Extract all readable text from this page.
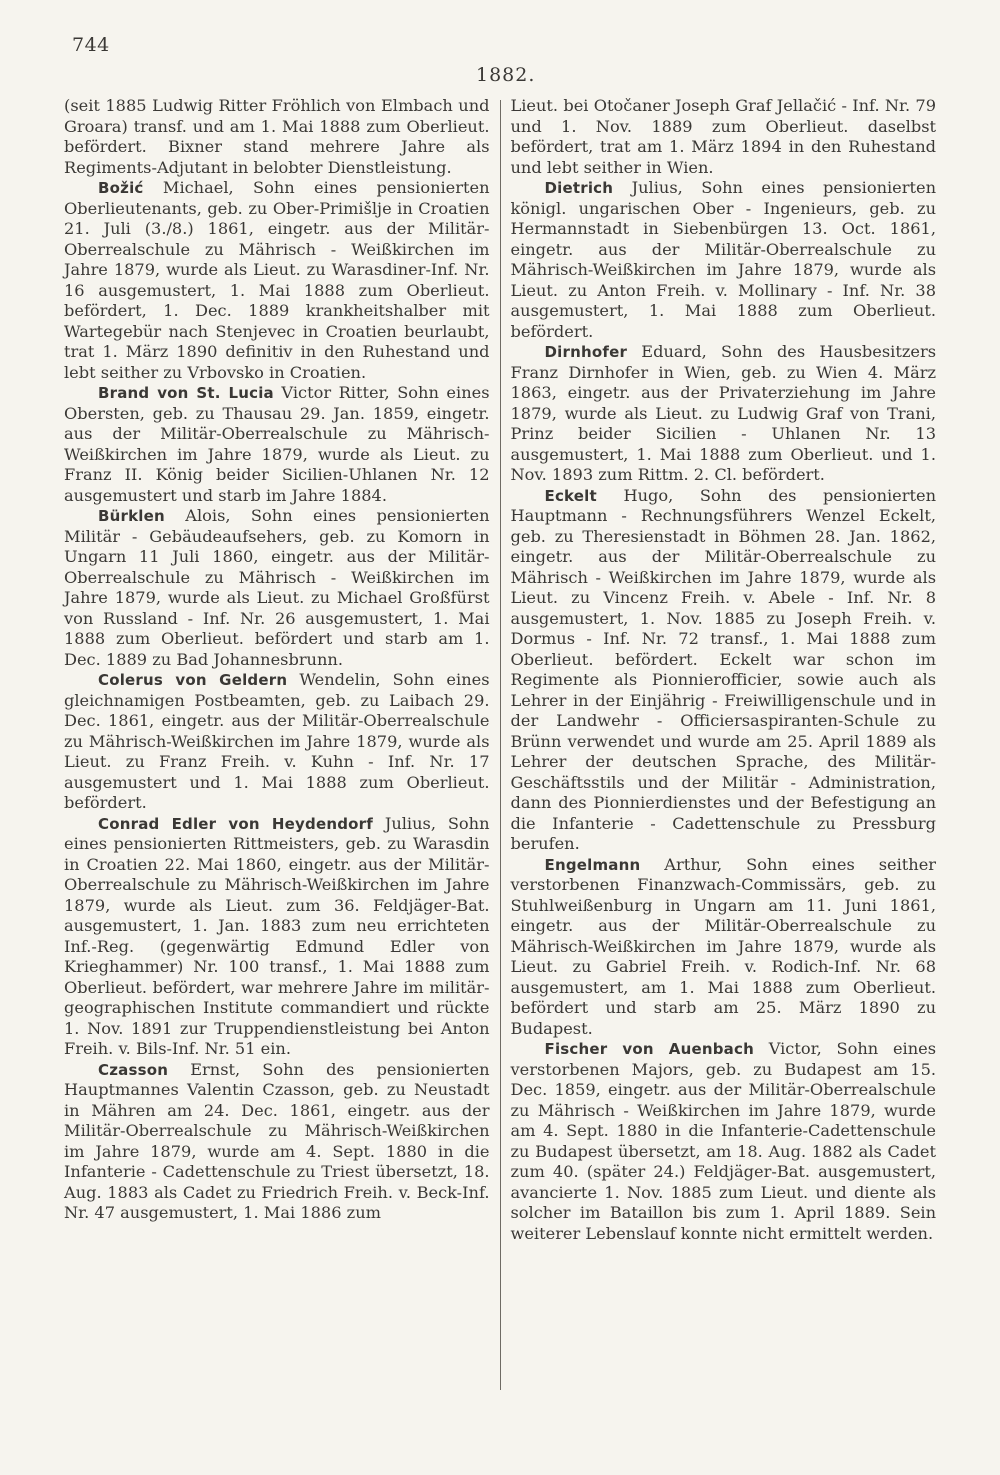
744
1882.

(seit 1885 Ludwig Ritter Fröhlich von Elmbach und Groara) transf. und am 1. Mai 1888 zum Oberlieut. befördert. Bixner stand mehrere Jahre als Regiments-Adjutant in belobter Dienstleistung.

Božić Michael, Sohn eines pensionierten Oberlieutenants, geb. zu Ober-Primišlje in Croatien 21. Juli (3./8.) 1861, eingetr. aus der Militär-Oberrealschule zu Mährisch - Weißkirchen im Jahre 1879, wurde als Lieut. zu Warasdiner-Inf. Nr. 16 ausgemustert, 1. Mai 1888 zum Oberlieut. befördert, 1. Dec. 1889 krankheitshalber mit Wartegebür nach Stenjevec in Croatien beurlaubt, trat 1. März 1890 definitiv in den Ruhestand und lebt seither zu Vrbovsko in Croatien.

Brand von St. Lucia Victor Ritter, Sohn eines Obersten, geb. zu Thausau 29. Jan. 1859, eingetr. aus der Militär-Oberrealschule zu Mährisch-Weißkirchen im Jahre 1879, wurde als Lieut. zu Franz II. König beider Sicilien-Uhlanen Nr. 12 ausgemustert und starb im Jahre 1884.

Bürklen Alois, Sohn eines pensionierten Militär - Gebäudeaufsehers, geb. zu Komorn in Ungarn 11 Juli 1860, eingetr. aus der Militär-Oberrealschule zu Mährisch - Weißkirchen im Jahre 1879, wurde als Lieut. zu Michael Großfürst von Russland - Inf. Nr. 26 ausgemustert, 1. Mai 1888 zum Oberlieut. befördert und starb am 1. Dec. 1889 zu Bad Johannesbrunn.

Colerus von Geldern Wendelin, Sohn eines gleichnamigen Postbeamten, geb. zu Laibach 29. Dec. 1861, eingetr. aus der Militär-Oberrealschule zu Mährisch-Weißkirchen im Jahre 1879, wurde als Lieut. zu Franz Freih. v. Kuhn - Inf. Nr. 17 ausgemustert und 1. Mai 1888 zum Oberlieut. befördert.

Conrad Edler von Heydendorf Julius, Sohn eines pensionierten Rittmeisters, geb. zu Warasdin in Croatien 22. Mai 1860, eingetr. aus der Militär-Oberrealschule zu Mährisch-Weißkirchen im Jahre 1879, wurde als Lieut. zum 36. Feldjäger-Bat. ausgemustert, 1. Jan. 1883 zum neu errichteten Inf.-Reg. (gegenwärtig Edmund Edler von Krieghammer) Nr. 100 transf., 1. Mai 1888 zum Oberlieut. befördert, war mehrere Jahre im militär-geographischen Institute commandiert und rückte 1. Nov. 1891 zur Truppendienstleistung bei Anton Freih. v. Bils-Inf. Nr. 51 ein.

Czasson Ernst, Sohn des pensionierten Hauptmannes Valentin Czasson, geb. zu Neustadt in Mähren am 24. Dec. 1861, eingetr. aus der Militär-Oberrealschule zu Mährisch-Weißkirchen im Jahre 1879, wurde am 4. Sept. 1880 in die Infanterie - Cadettenschule zu Triest übersetzt, 18. Aug. 1883 als Cadet zu Friedrich Freih. v. Beck-Inf. Nr. 47 ausgemustert, 1. Mai 1886 zum

Lieut. bei Otočaner Joseph Graf Jellačić - Inf. Nr. 79 und 1. Nov. 1889 zum Oberlieut. daselbst befördert, trat am 1. März 1894 in den Ruhestand und lebt seither in Wien.

Dietrich Julius, Sohn eines pensionierten königl. ungarischen Ober - Ingenieurs, geb. zu Hermannstadt in Siebenbürgen 13. Oct. 1861, eingetr. aus der Militär-Oberrealschule zu Mährisch-Weißkirchen im Jahre 1879, wurde als Lieut. zu Anton Freih. v. Mollinary - Inf. Nr. 38 ausgemustert, 1. Mai 1888 zum Oberlieut. befördert.

Dirnhofer Eduard, Sohn des Hausbesitzers Franz Dirnhofer in Wien, geb. zu Wien 4. März 1863, eingetr. aus der Privaterziehung im Jahre 1879, wurde als Lieut. zu Ludwig Graf von Trani, Prinz beider Sicilien - Uhlanen Nr. 13 ausgemustert, 1. Mai 1888 zum Oberlieut. und 1. Nov. 1893 zum Rittm. 2. Cl. befördert.

Eckelt Hugo, Sohn des pensionierten Hauptmann - Rechnungsführers Wenzel Eckelt, geb. zu Theresienstadt in Böhmen 28. Jan. 1862, eingetr. aus der Militär-Oberrealschule zu Mährisch - Weißkirchen im Jahre 1879, wurde als Lieut. zu Vincenz Freih. v. Abele - Inf. Nr. 8 ausgemustert, 1. Nov. 1885 zu Joseph Freih. v. Dormus - Inf. Nr. 72 transf., 1. Mai 1888 zum Oberlieut. befördert. Eckelt war schon im Regimente als Pionnierofficier, sowie auch als Lehrer in der Einjährig - Freiwilligenschule und in der Landwehr - Officiersaspiranten-Schule zu Brünn verwendet und wurde am 25. April 1889 als Lehrer der deutschen Sprache, des Militär-Geschäftsstils und der Militär - Administration, dann des Pionnierdienstes und der Befestigung an die Infanterie - Cadettenschule zu Pressburg berufen.

Engelmann Arthur, Sohn eines seither verstorbenen Finanzwach-Commissärs, geb. zu Stuhlweißenburg in Ungarn am 11. Juni 1861, eingetr. aus der Militär-Oberrealschule zu Mährisch-Weißkirchen im Jahre 1879, wurde als Lieut. zu Gabriel Freih. v. Rodich-Inf. Nr. 68 ausgemustert, am 1. Mai 1888 zum Oberlieut. befördert und starb am 25. März 1890 zu Budapest.

Fischer von Auenbach Victor, Sohn eines verstorbenen Majors, geb. zu Budapest am 15. Dec. 1859, eingetr. aus der Militär-Oberrealschule zu Mährisch - Weißkirchen im Jahre 1879, wurde am 4. Sept. 1880 in die Infanterie-Cadettenschule zu Budapest übersetzt, am 18. Aug. 1882 als Cadet zum 40. (später 24.) Feldjäger-Bat. ausgemustert, avancierte 1. Nov. 1885 zum Lieut. und diente als solcher im Bataillon bis zum 1. April 1889. Sein weiterer Lebenslauf konnte nicht ermittelt werden.
